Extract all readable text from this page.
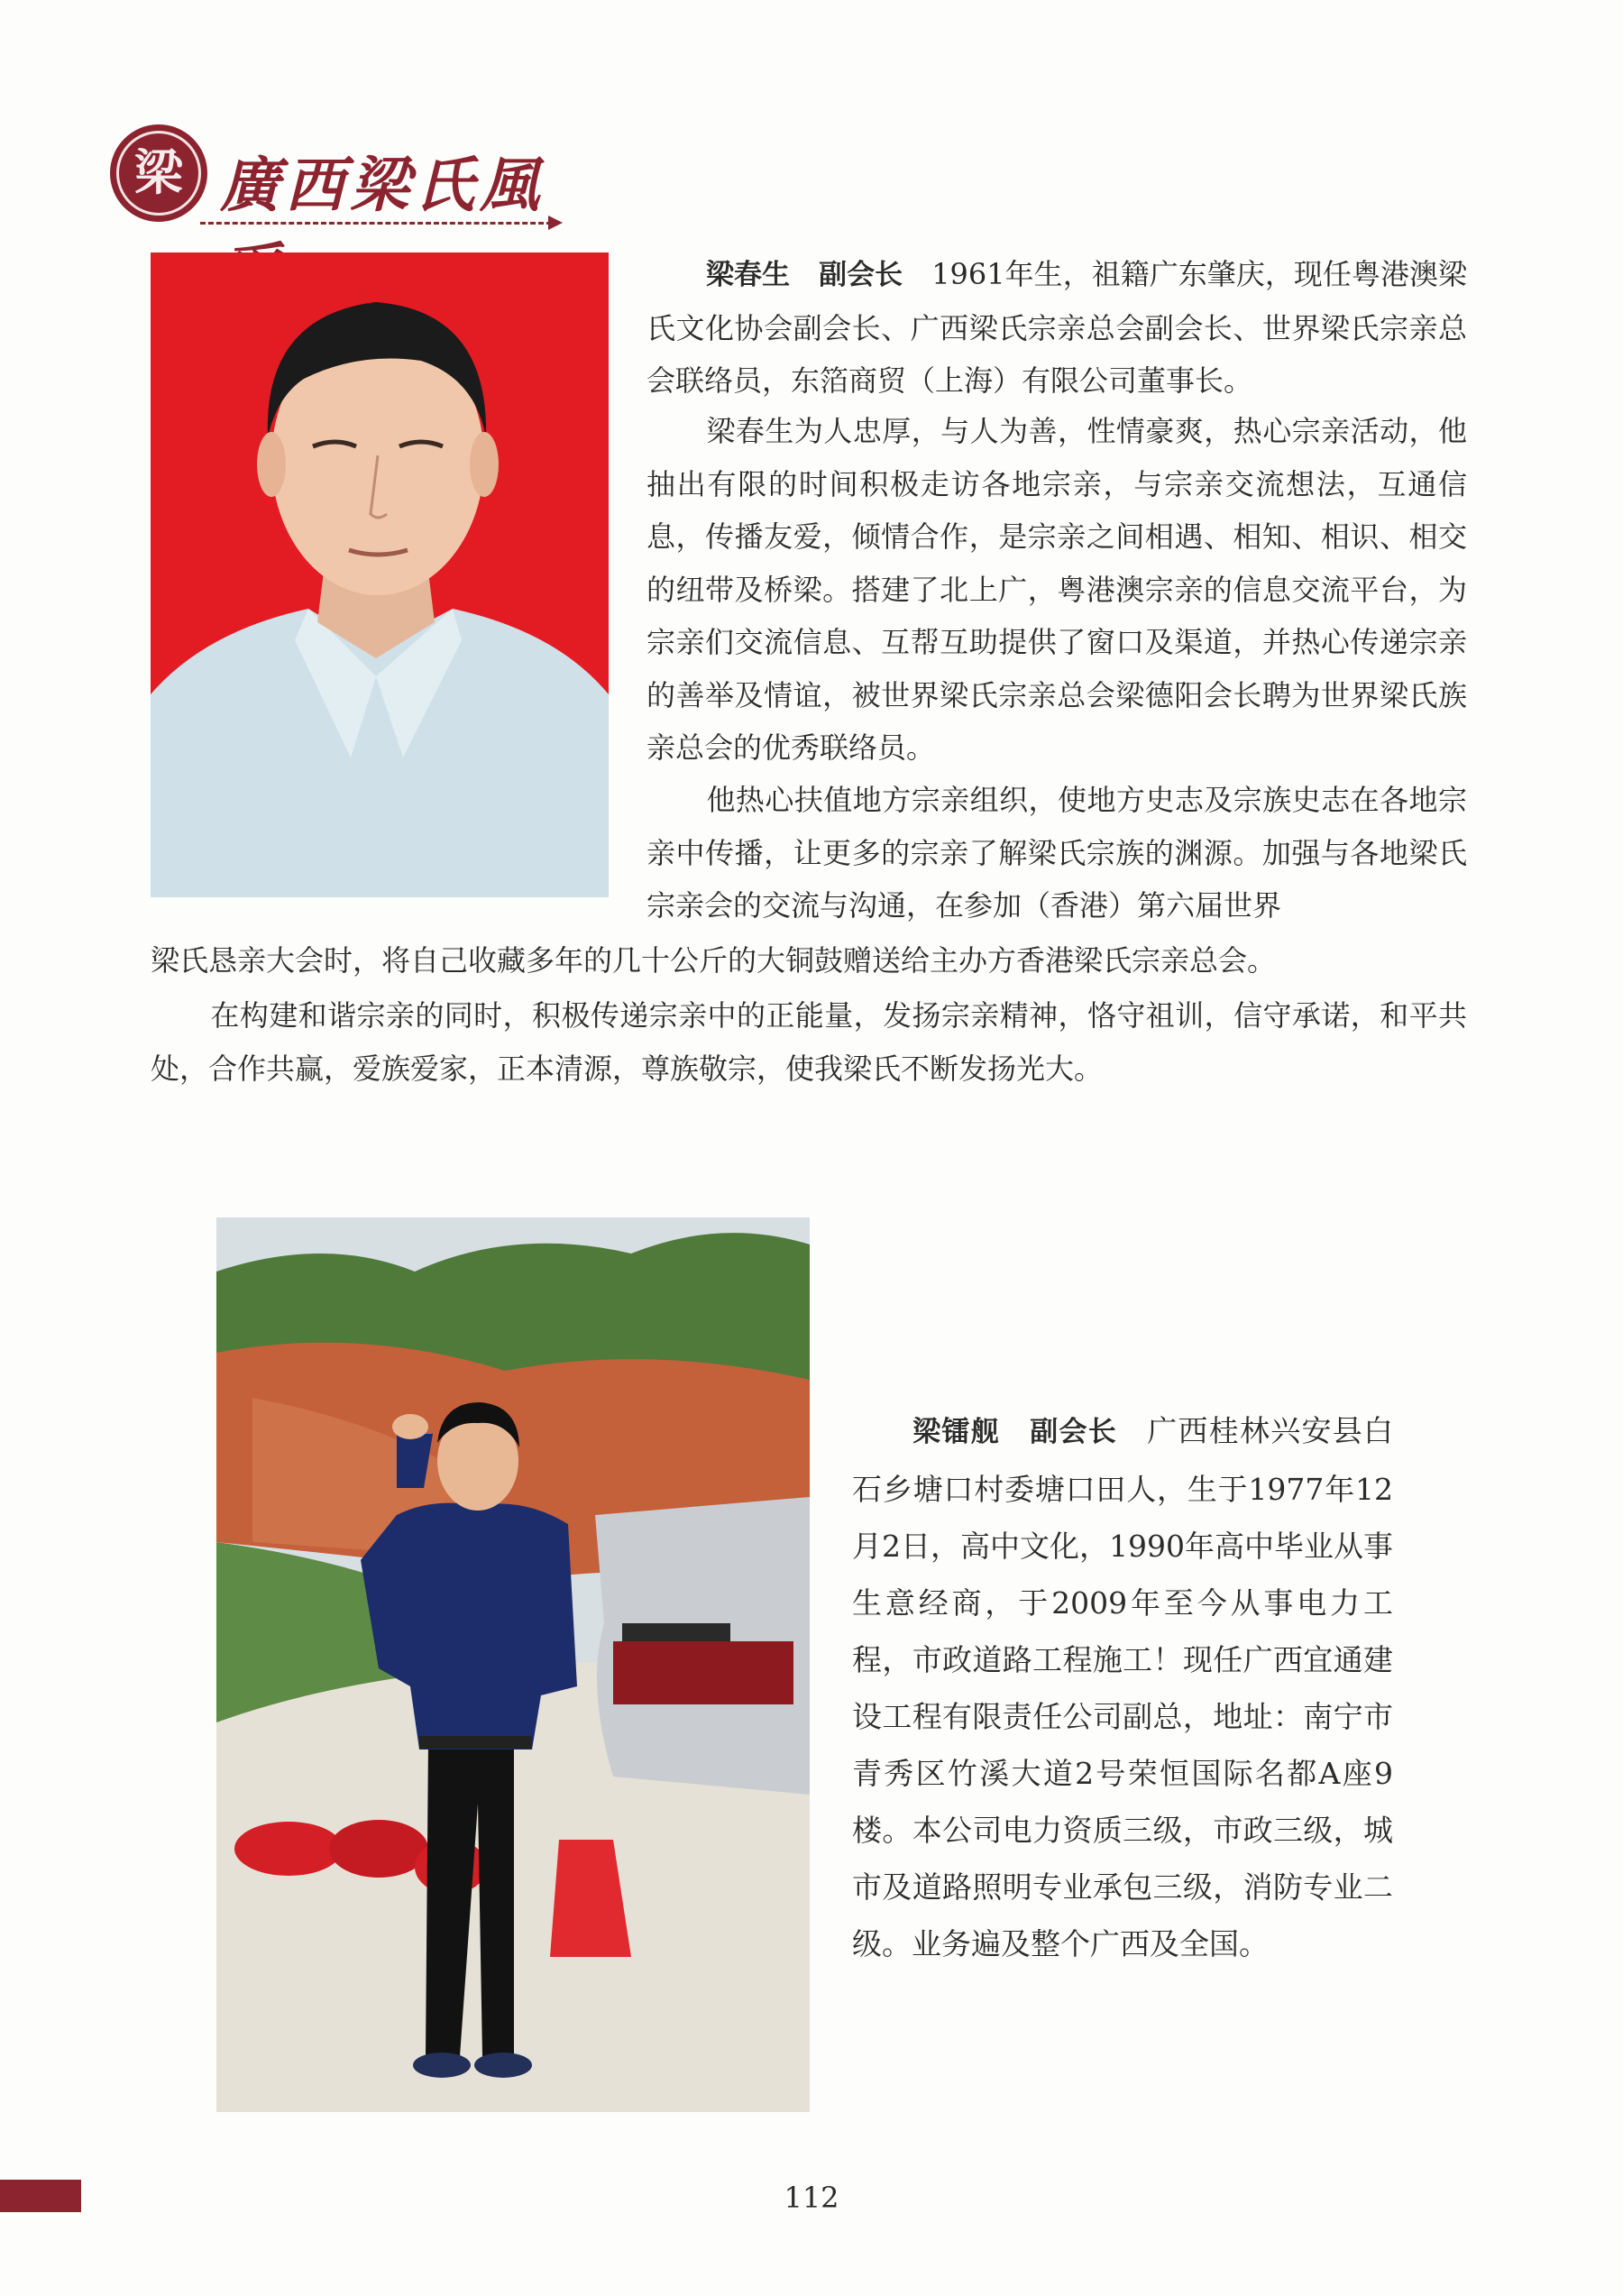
梁 廣西梁氏風

梁春生 副会长 1961年生，祖籍广东肇庆，现任粤港澳梁氏文化协会副会长、广西梁氏宗亲总会副会长、世界梁氏宗亲总会联络员，东箔商贸（上海）有限公司董事长。

梁春生为人忠厚，与人为善，性情豪爽，热心宗亲活动，他抽出有限的时间积极走访各地宗亲，与宗亲交流想法，互通信息，传播友爱，倾情合作，是宗亲之间相遇、相知、相识、相交的纽带及桥梁。搭建了北上广，粤港澳宗亲的信息交流平台，为宗亲们交流信息、互帮互助提供了窗口及渠道，并热心传递宗亲的善举及情谊，被世界梁氏宗亲总会梁德阳会长聘为世界梁氏族亲总会的优秀联络员。

他热心扶值地方宗亲组织，使地方史志及宗族史志在各地宗亲中传播，让更多的宗亲了解梁氏宗族的渊源。加强与各地梁氏宗亲会的交流与沟通，在参加（香港）第六届世界

梁氏恳亲大会时，将自己收藏多年的几十公斤的大铜鼓赠送给主办方香港梁氏宗亲总会。

在构建和谐宗亲的同时，积极传递宗亲中的正能量，发扬宗亲精神，恪守祖训，信守承诺，和平共处，合作共赢，爱族爱家，正本清源，尊族敬宗，使我梁氏不断发扬光大。

梁镭舰 副会长 广西桂林兴安县白石乡塘口村委塘口田人，生于1977年12月2日，高中文化，1990年高中毕业从事生意经商，于2009年至今从事电力工程，市政道路工程施工！现任广西宜通建设工程有限责任公司副总，地址：南宁市青秀区竹溪大道2号荣恒国际名都A座9楼。本公司电力资质三级，市政三级，城市及道路照明专业承包三级，消防专业二级。业务遍及整个广西及全国。

112
